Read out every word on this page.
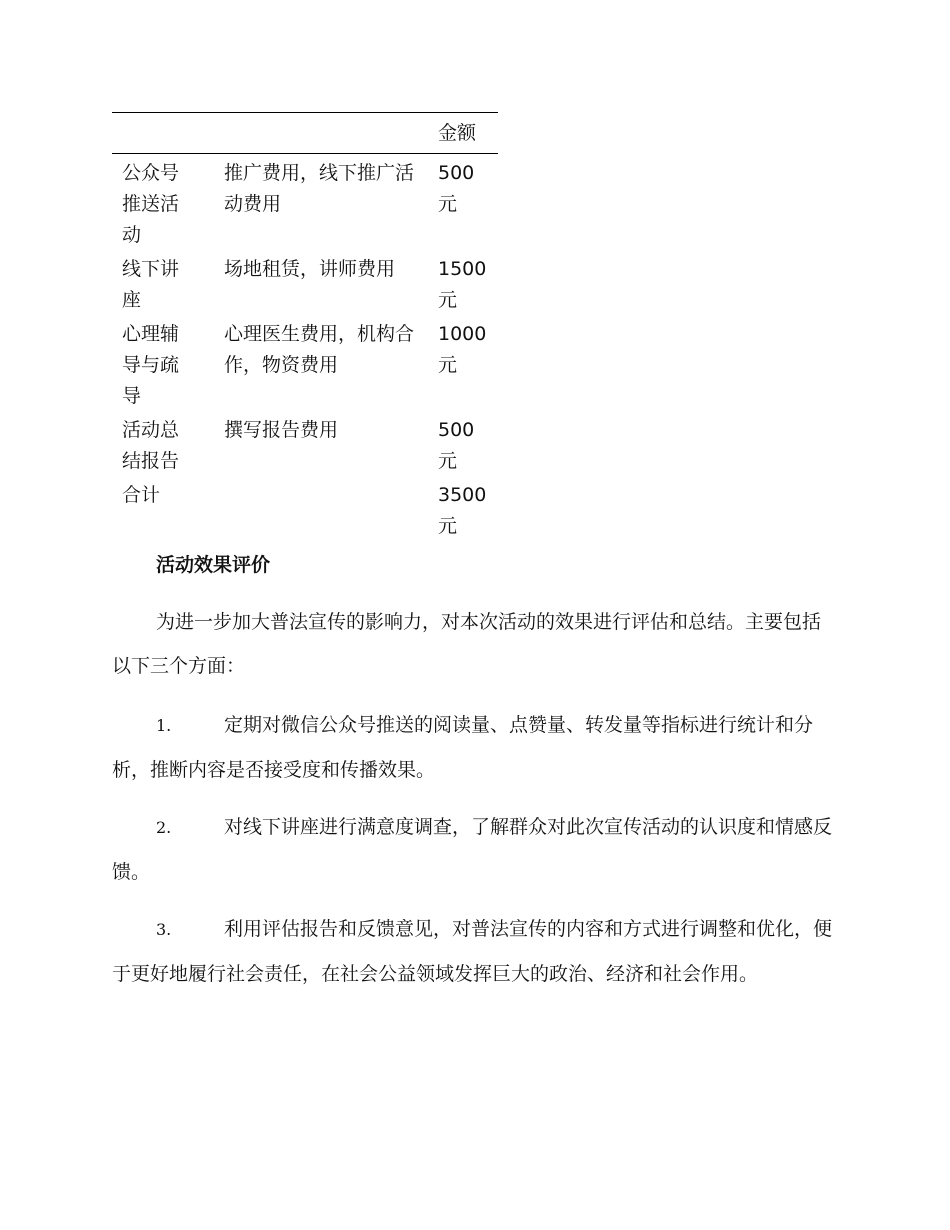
		金额

公众号推送活动	推广费用，线下推广活动费用	500元

线下讲座	场地租赁，讲师费用	1500元

心理辅导与疏导	心理医生费用，机构合作，物资费用	1000元

活动总结报告	撰写报告费用	500元

合计		3500元
活动效果评价

为进一步加大普法宣传的影响力，对本次活动的效果进行评估和总结。主要包括以下三个方面：

1.	定期对微信公众号推送的阅读量、点赞量、转发量等指标进行统计和分析，推断内容是否接受度和传播效果。

2.	对线下讲座进行满意度调查，了解群众对此次宣传活动的认识度和情感反馈。

3.	利用评估报告和反馈意见，对普法宣传的内容和方式进行调整和优化，便于更好地履行社会责任，在社会公益领域发挥巨大的政治、经济和社会作用。
